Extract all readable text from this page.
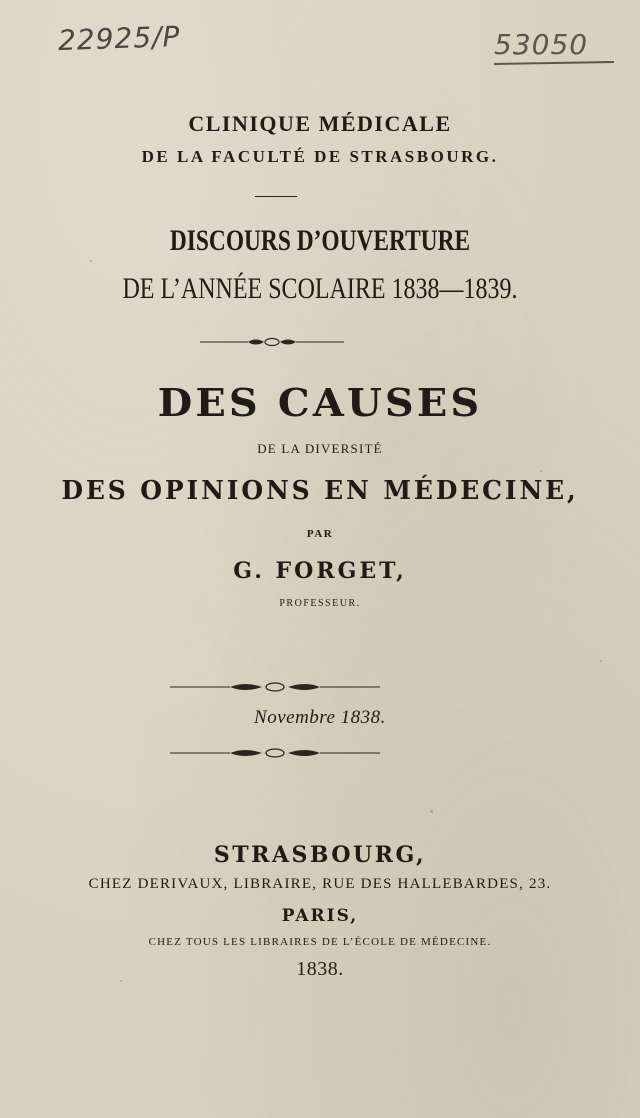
22925/P	53050
CLINIQUE MÉDICALE
DE LA FACULTÉ DE STRASBOURG.
DISCOURS D’OUVERTURE
DE L’ANNÉE SCOLAIRE 1838—1839.
DES CAUSES
DE LA DIVERSITÉ
DES OPINIONS EN MÉDECINE,
PAR
G. FORGET,
PROFESSEUR.
Novembre 1838.
STRASBOURG,
CHEZ DERIVAUX, LIBRAIRE, RUE DES HALLEBARDES, 23.
PARIS,
CHEZ TOUS LES LIBRAIRES DE L’ÉCOLE DE MÉDECINE.
1838.
